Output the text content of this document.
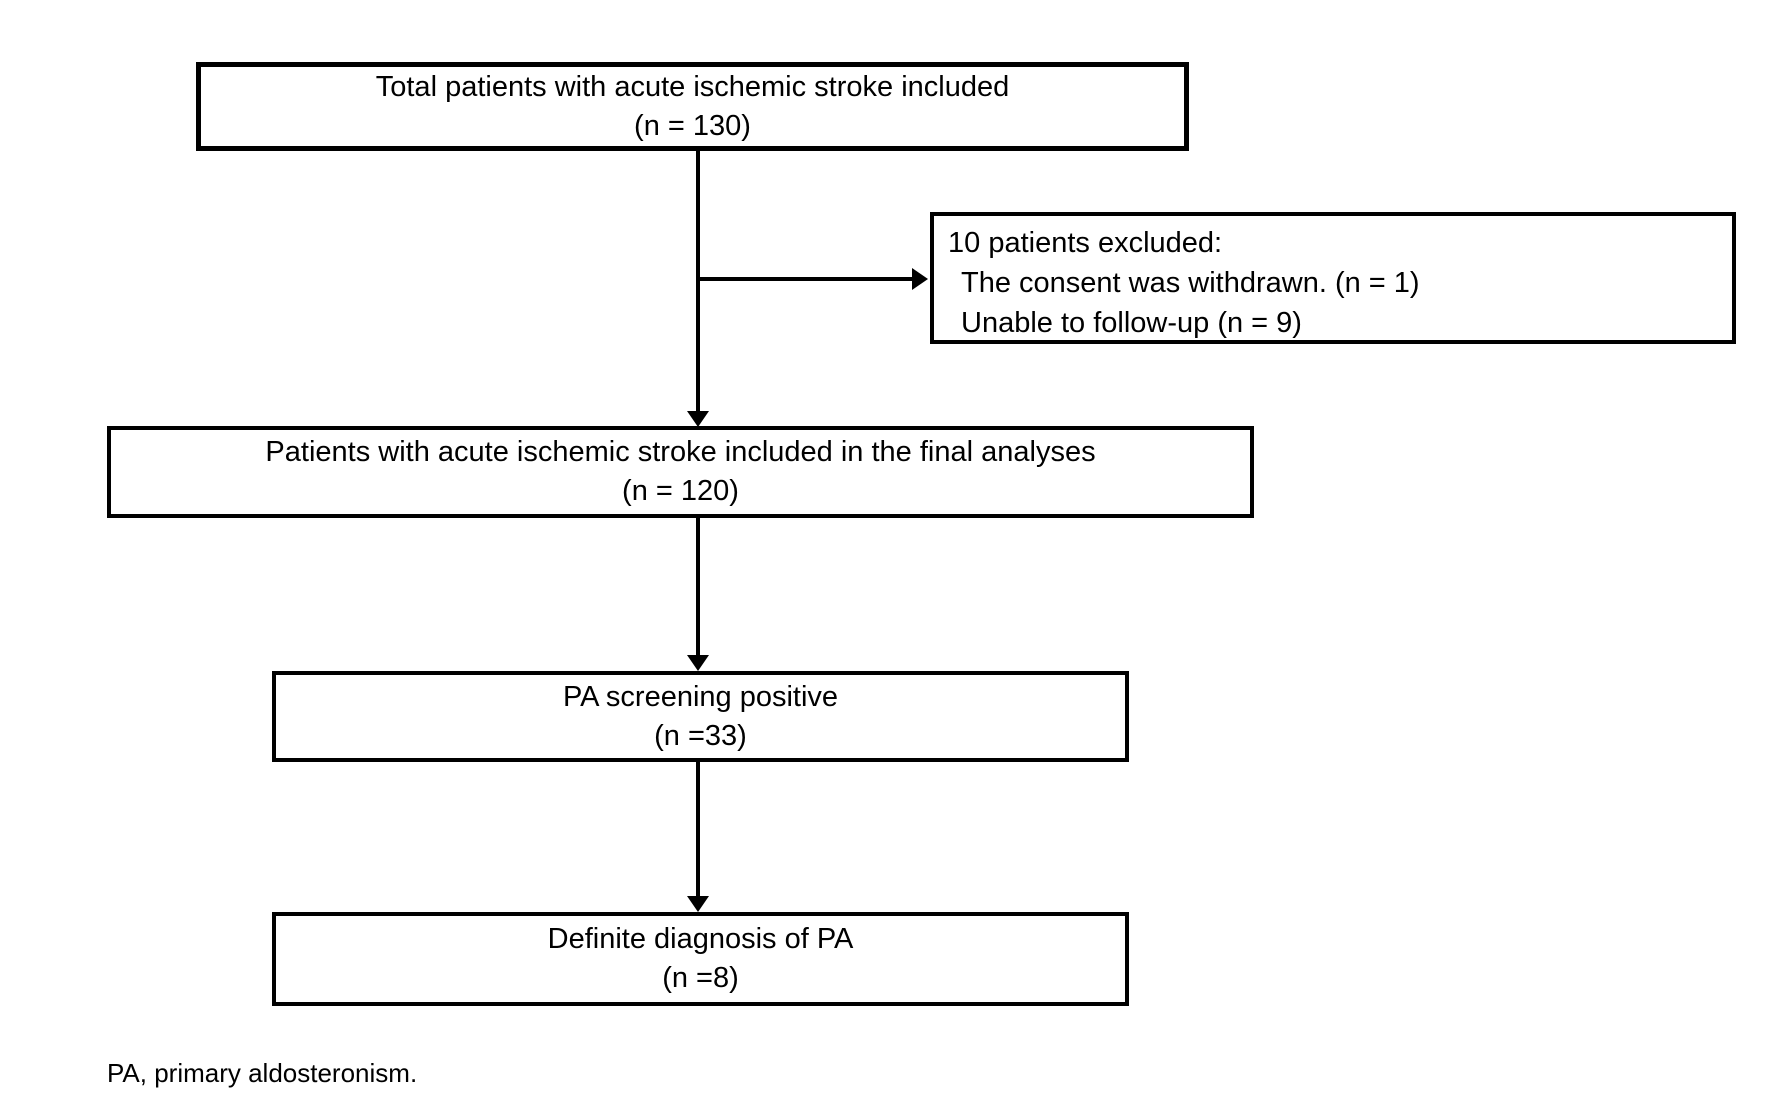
Total patients with acute ischemic stroke included
(n = 130)
10 patients excluded:
The consent was withdrawn. (n = 1)
Unable to follow-up (n = 9)
Patients with acute ischemic stroke included in the final analyses
(n = 120)
PA screening positive
(n =33)
Definite diagnosis of PA
(n =8)
PA, primary aldosteronism.
